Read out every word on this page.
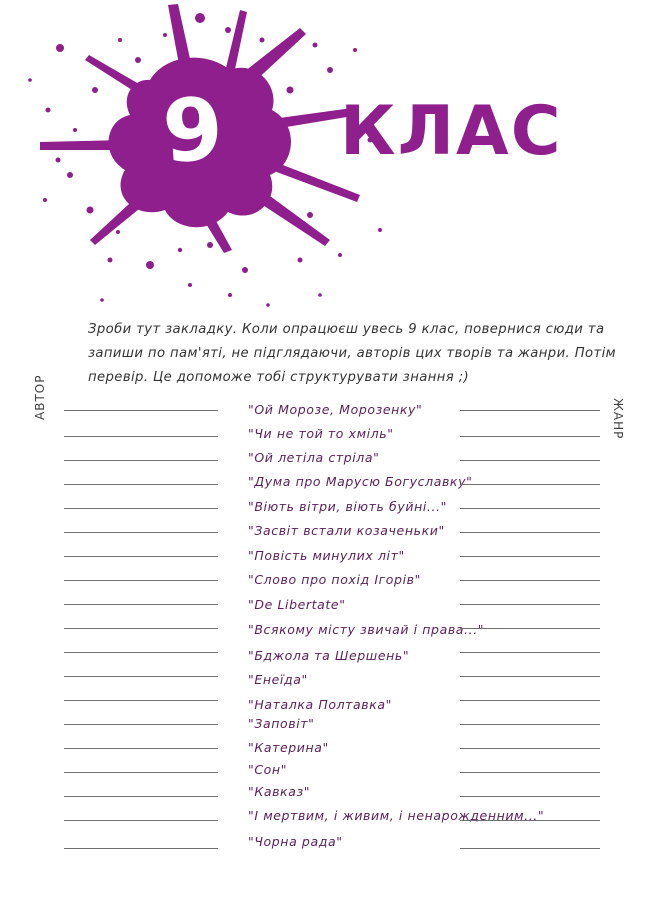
9 КЛАС
Зроби тут закладку. Коли опрацюєш увесь 9 клас, повернися сюди та запиши по пам'яті, не підглядаючи, авторів цих творів та жанри. Потім перевір. Це допоможе тобі структурувати знання ;)
АВТОР	ЖАНР
"Ой Морозе, Морозенку"
"Чи не той то хміль"
"Ой летіла стріла"
"Дума про Марусю Богуславку"
"Віють вітри, віють буйні..."
"Засвіт встали козаченьки"
"Повість минулих літ"
"Слово про похід Ігорів"
"De Libertate"
"Всякому місту звичай і права..."
"Бджола та Шершень"
"Енеїда"
"Наталка Полтавка"
"Заповіт"
"Катерина"
"Сон"
"Кавказ"
"І мертвим, і живим, і ненарожденним..."
"Чорна рада"
